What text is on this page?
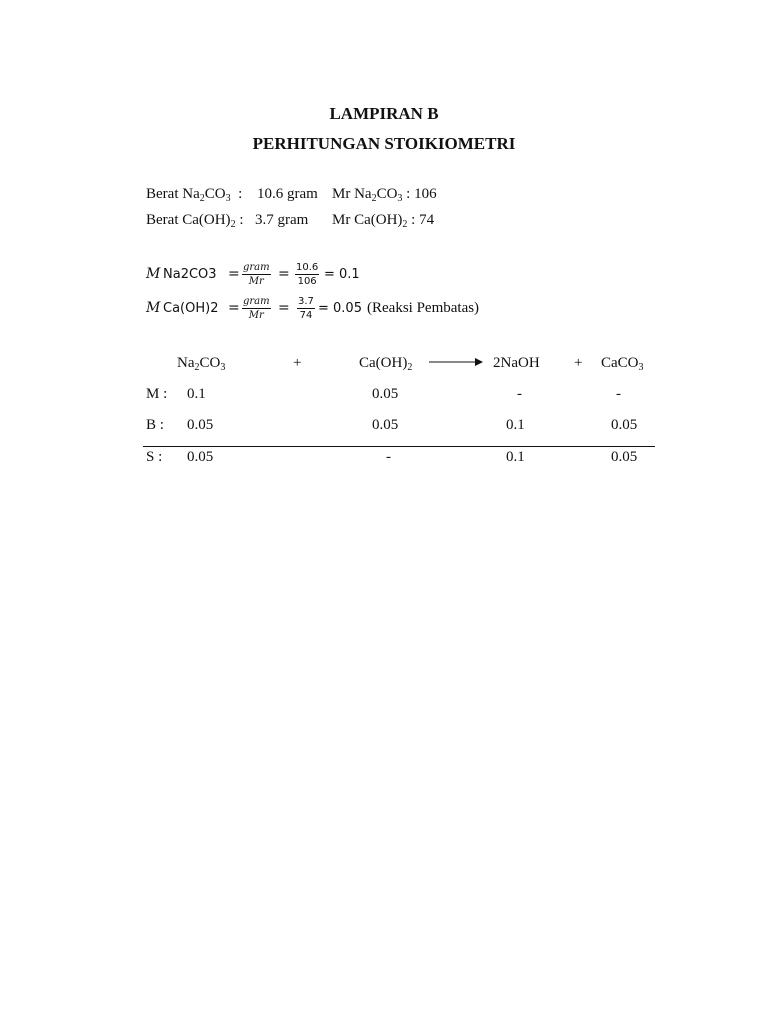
LAMPIRAN B
PERHITUNGAN STOIKIOMETRI
Berat $Na_2CO_3$  : 10.6 gram Mr $Na_2CO_3$ : 106
Berat $Ca(OH)_2$ : 3.7 gram Mr $Ca(OH)_2$ : 74
M Na2CO3 = gram
Mr	= $\frac{10.6}{106} = 0.1$
M Ca(OH)2 = gram
Mr	= $\frac{3.7}{74} = 0.05$ (Reaksi Pembatas)
$Na_2CO_3$	+	$Ca(OH)_2$ → 2NaOH + CaCO$_3$
M : 0.1	0.05	-	-
B : 0.05	0.05	0.1	0.05
S : 0.05	-	0.1	0.05
